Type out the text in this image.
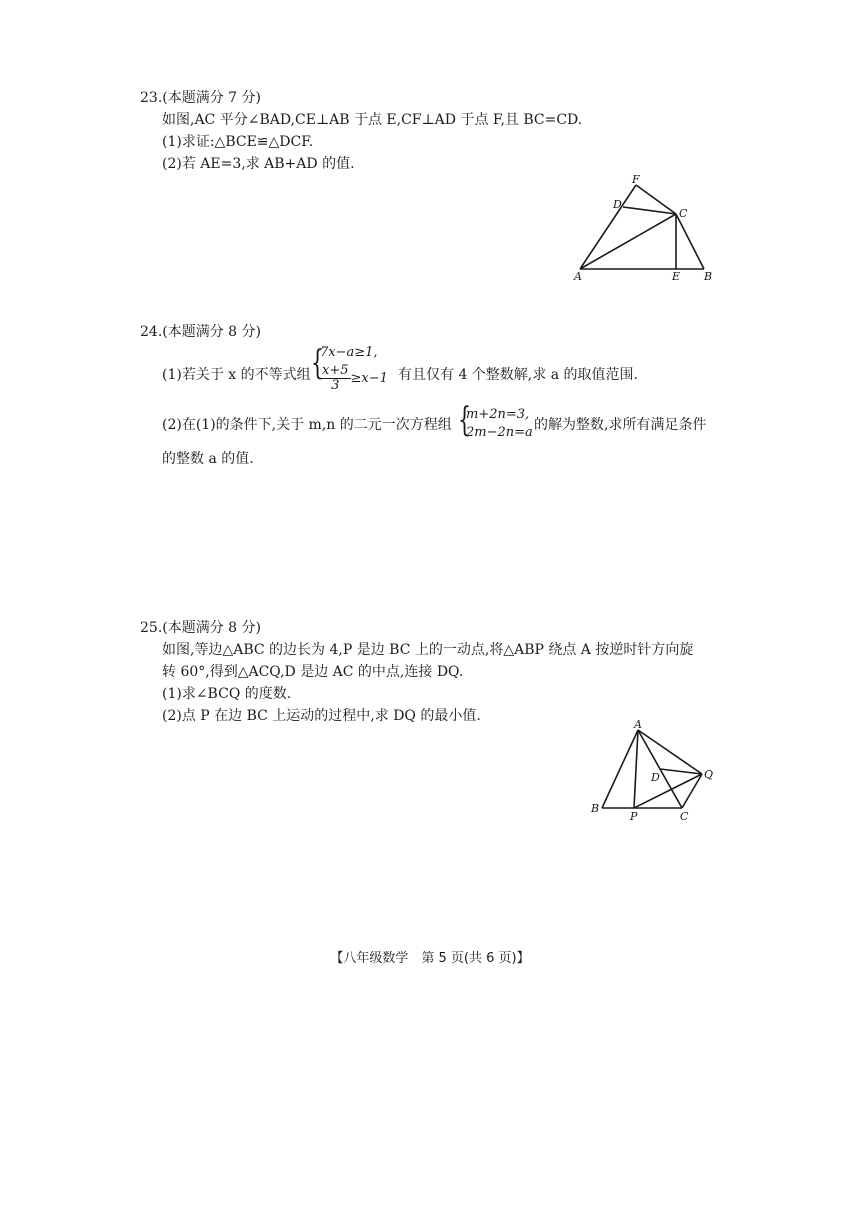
23.(本题满分 7 分)
如图,AC 平分∠BAD,CE⊥AB 于点 E,CF⊥AD 于点 F,且 BC=CD.
(1)求证:△BCE≌△DCF.
(2)若 AE=3,求 AB+AD 的值.
F
D
C
A	E B
24.(本题满分 8 分)
(1)若关于 x 的不等式组 {
7x−a≥1,
$\frac{x+5}{3} \ge x-1$ 有且仅有 4 个整数解,求 a 的取值范围.
(2)在(1)的条件下,关于 m,n 的二元一次方程组 {
m+2n=3,
2m−2n=a 的解为整数,求所有满足条件
的整数 a 的值.
25.(本题满分 8 分)
如图,等边△ABC 的边长为 4,P 是边 BC 上的一动点,将△ABP 绕点 A 按逆时针方向旋
转 60°,得到△ACQ,D 是边 AC 的中点,连接 DQ.
(1)求∠BCQ 的度数.
(2)点 P 在边 BC 上运动的过程中,求 DQ 的最小值.
A
D	Q
B
P	C
【八年级数学　第 5 页(共 6 页)】
